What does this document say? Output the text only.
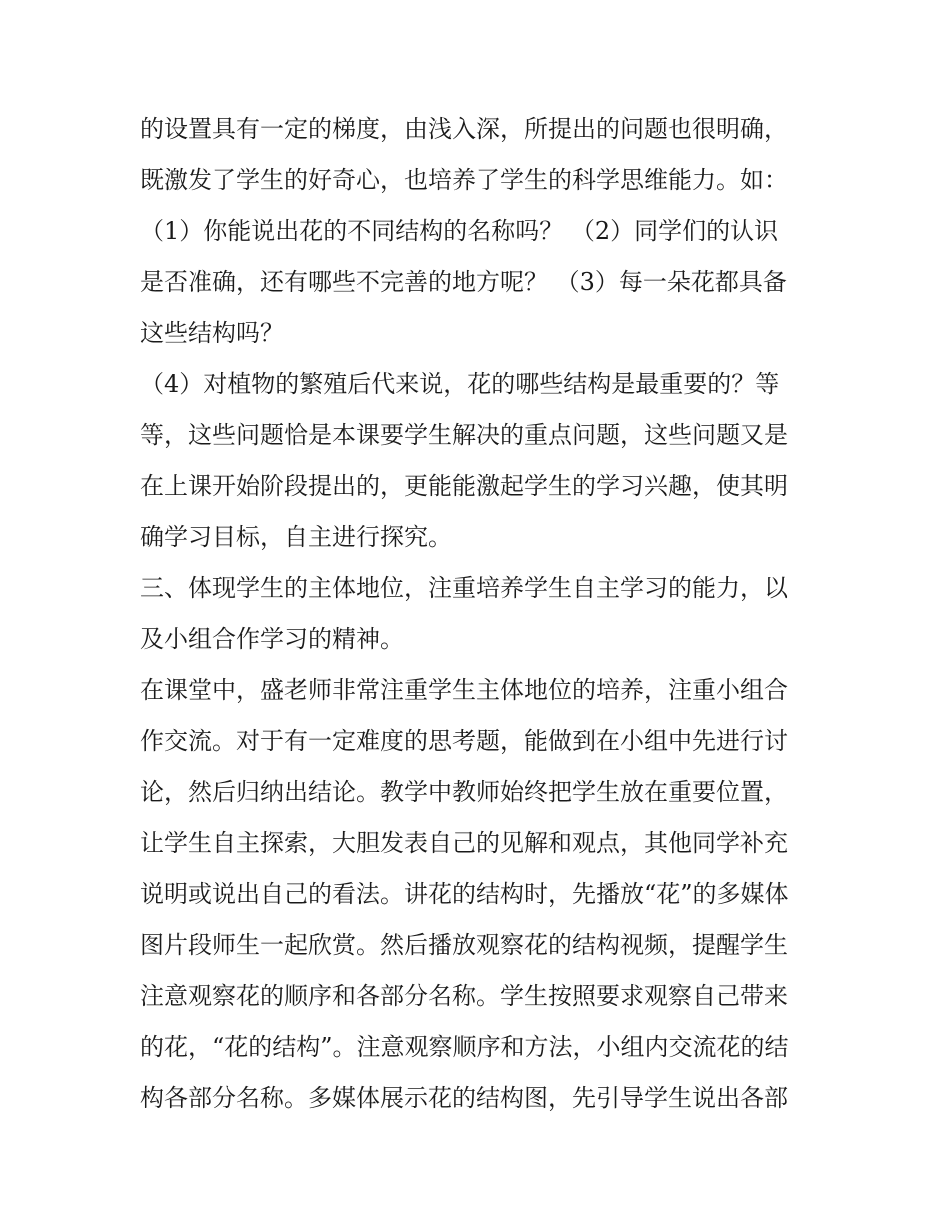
的设置具有一定的梯度，由浅入深，所提出的问题也很明确，
既激发了学生的好奇心，也培养了学生的科学思维能力。如：
（1）你能说出花的不同结构的名称吗？ （2）同学们的认识
是否准确，还有哪些不完善的地方呢？ （3）每一朵花都具备
这些结构吗？
（4）对植物的繁殖后代来说，花的哪些结构是最重要的？等
等，这些问题恰是本课要学生解决的重点问题，这些问题又是
在上课开始阶段提出的，更能能激起学生的学习兴趣，使其明
确学习目标，自主进行探究。
三、体现学生的主体地位，注重培养学生自主学习的能力，以
及小组合作学习的精神。
在课堂中，盛老师非常注重学生主体地位的培养，注重小组合
作交流。对于有一定难度的思考题，能做到在小组中先进行讨
论，然后归纳出结论。教学中教师始终把学生放在重要位置，
让学生自主探索，大胆发表自己的见解和观点，其他同学补充
说明或说出自己的看法。讲花的结构时，先播放“花”的多媒体
图片段师生一起欣赏。然后播放观察花的结构视频，提醒学生
注意观察花的顺序和各部分名称。学生按照要求观察自己带来
的花，“花的结构”。注意观察顺序和方法，小组内交流花的结
构各部分名称。多媒体展示花的结构图，先引导学生说出各部
